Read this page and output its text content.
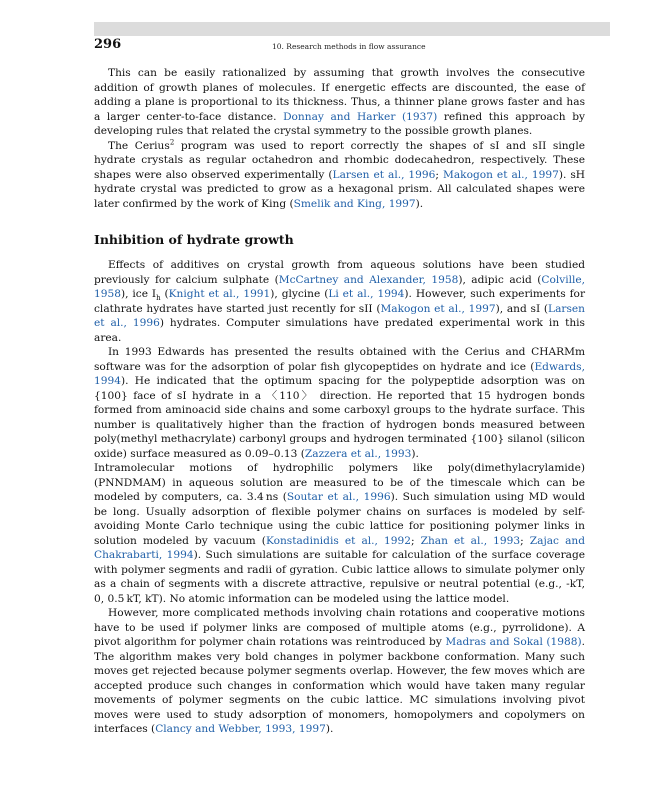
296	10. Research methods in flow assurance

This can be easily rationalized by assuming that growth involves the consecutive addition of growth planes of molecules. If energetic effects are discounted, the ease of adding a plane is proportional to its thickness. Thus, a thinner plane grows faster and has a larger center-to-face distance. Donnay and Harker (1937) refined this approach by developing rules that related the crystal symmetry to the possible growth planes.

The Cerius$^2$ program was used to report correctly the shapes of sI and sII single hydrate crystals as regular octahedron and rhombic dodecahedron, respectively. These shapes were also observed experimentally (Larsen et al., 1996; Makogon et al., 1997). sH hydrate crystal was predicted to grow as a hexagonal prism. All calculated shapes were later confirmed by the work of King (Smelik and King, 1997).

Inhibition of hydrate growth

Effects of additives on crystal growth from aqueous solutions have been studied previously for calcium sulphate (McCartney and Alexander, 1958), adipic acid (Colville, 1958), ice $I_h$ (Knight et al., 1991), glycine (Li et al., 1994). However, such experiments for clathrate hydrates have started just recently for sII (Makogon et al., 1997), and sI (Larsen et al., 1996) hydrates. Computer simulations have predated experimental work in this area.

In 1993 Edwards has presented the results obtained with the Cerius and CHARMm software was for the adsorption of polar fish glycopeptides on hydrate and ice (Edwards, 1994). He indicated that the optimum spacing for the polypeptide adsorption was on {100} face of sI hydrate in a 〈110〉 direction. He reported that 15 hydrogen bonds formed from aminoacid side chains and some carboxyl groups to the hydrate surface. This number is qualitatively higher than the fraction of hydrogen bonds measured between poly(methyl methacrylate) carbonyl groups and hydrogen terminated {100} silanol (silicon oxide) surface measured as 0.09–0.13 (Zazzera et al., 1993).

Intramolecular motions of hydrophilic polymers like poly(dimethylacrylamide) (PNNDMAM) in aqueous solution are measured to be of the timescale which can be modeled by computers, ca. 3.4 ns (Soutar et al., 1996). Such simulation using MD would be long. Usually adsorption of flexible polymer chains on surfaces is modeled by self-avoiding Monte Carlo technique using the cubic lattice for positioning polymer links in solution modeled by vacuum (Konstadinidis et al., 1992; Zhan et al., 1993; Zajac and Chakrabarti, 1994). Such simulations are suitable for calculation of the surface coverage with polymer segments and radii of gyration. Cubic lattice allows to simulate polymer only as a chain of segments with a discrete attractive, repulsive or neutral potential (e.g., -kT, 0, 0.5 kT, kT). No atomic information can be modeled using the lattice model.

However, more complicated methods involving chain rotations and cooperative motions have to be used if polymer links are composed of multiple atoms (e.g., pyrrolidone). A pivot algorithm for polymer chain rotations was reintroduced by Madras and Sokal (1988). The algorithm makes very bold changes in polymer backbone conformation. Many such moves get rejected because polymer segments overlap. However, the few moves which are accepted produce such changes in conformation which would have taken many regular movements of polymer segments on the cubic lattice. MC simulations involving pivot moves were used to study adsorption of monomers, homopolymers and copolymers on interfaces (Clancy and Webber, 1993, 1997).
